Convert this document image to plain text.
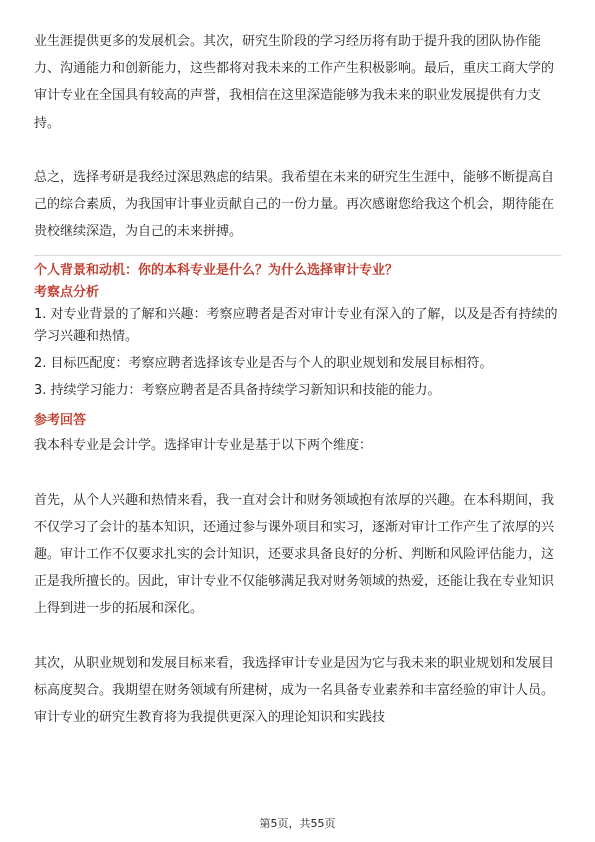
业生涯提供更多的发展机会。其次，研究生阶段的学习经历将有助于提升我的团队协作能力、沟通能力和创新能力，这些都将对我未来的工作产生积极影响。最后，重庆工商大学的审计专业在全国具有较高的声誉，我相信在这里深造能够为我未来的职业发展提供有力支持。

总之，选择考研是我经过深思熟虑的结果。我希望在未来的研究生生涯中，能够不断提高自己的综合素质，为我国审计事业贡献自己的一份力量。再次感谢您给我这个机会，期待能在贵校继续深造，为自己的未来拼搏。

个人背景和动机：你的本科专业是什么？为什么选择审计专业？

考察点分析

1. 对专业背景的了解和兴趣：考察应聘者是否对审计专业有深入的了解，以及是否有持续的学习兴趣和热情。

2. 目标匹配度：考察应聘者选择该专业是否与个人的职业规划和发展目标相符。

3. 持续学习能力：考察应聘者是否具备持续学习新知识和技能的能力。

参考回答

我本科专业是会计学。选择审计专业是基于以下两个维度：

首先，从个人兴趣和热情来看，我一直对会计和财务领域抱有浓厚的兴趣。在本科期间，我不仅学习了会计的基本知识，还通过参与课外项目和实习，逐渐对审计工作产生了浓厚的兴趣。审计工作不仅要求扎实的会计知识，还要求具备良好的分析、判断和风险评估能力，这正是我所擅长的。因此，审计专业不仅能够满足我对财务领域的热爱，还能让我在专业知识上得到进一步的拓展和深化。

其次，从职业规划和发展目标来看，我选择审计专业是因为它与我未来的职业规划和发展目标高度契合。我期望在财务领域有所建树，成为一名具备专业素养和丰富经验的审计人员。审计专业的研究生教育将为我提供更深入的理论知识和实践技

第5页，共55页
